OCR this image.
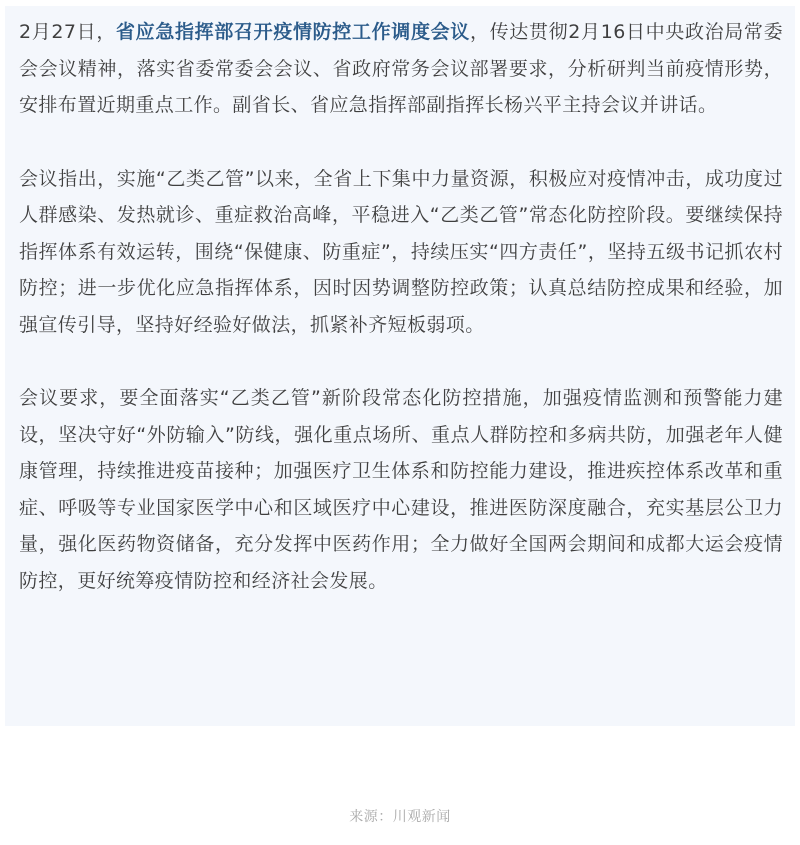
2月27日，省应急指挥部召开疫情防控工作调度会议，传达贯彻2月16日中央政治局常委会会议精神，落实省委常委会会议、省政府常务会议部署要求，分析研判当前疫情形势，安排布置近期重点工作。副省长、省应急指挥部副指挥长杨兴平主持会议并讲话。

会议指出，实施“乙类乙管”以来，全省上下集中力量资源，积极应对疫情冲击，成功度过人群感染、发热就诊、重症救治高峰，平稳进入“乙类乙管”常态化防控阶段。要继续保持指挥体系有效运转，围绕“保健康、防重症”，持续压实“四方责任”，坚持五级书记抓农村防控；进一步优化应急指挥体系，因时因势调整防控政策；认真总结防控成果和经验，加强宣传引导，坚持好经验好做法，抓紧补齐短板弱项。

会议要求，要全面落实“乙类乙管”新阶段常态化防控措施，加强疫情监测和预警能力建设，坚决守好“外防输入”防线，强化重点场所、重点人群防控和多病共防，加强老年人健康管理，持续推进疫苗接种；加强医疗卫生体系和防控能力建设，推进疾控体系改革和重症、呼吸等专业国家医学中心和区域医疗中心建设，推进医防深度融合，充实基层公卫力量，强化医药物资储备，充分发挥中医药作用；全力做好全国两会期间和成都大运会疫情防控，更好统筹疫情防控和经济社会发展。

来源：川观新闻
